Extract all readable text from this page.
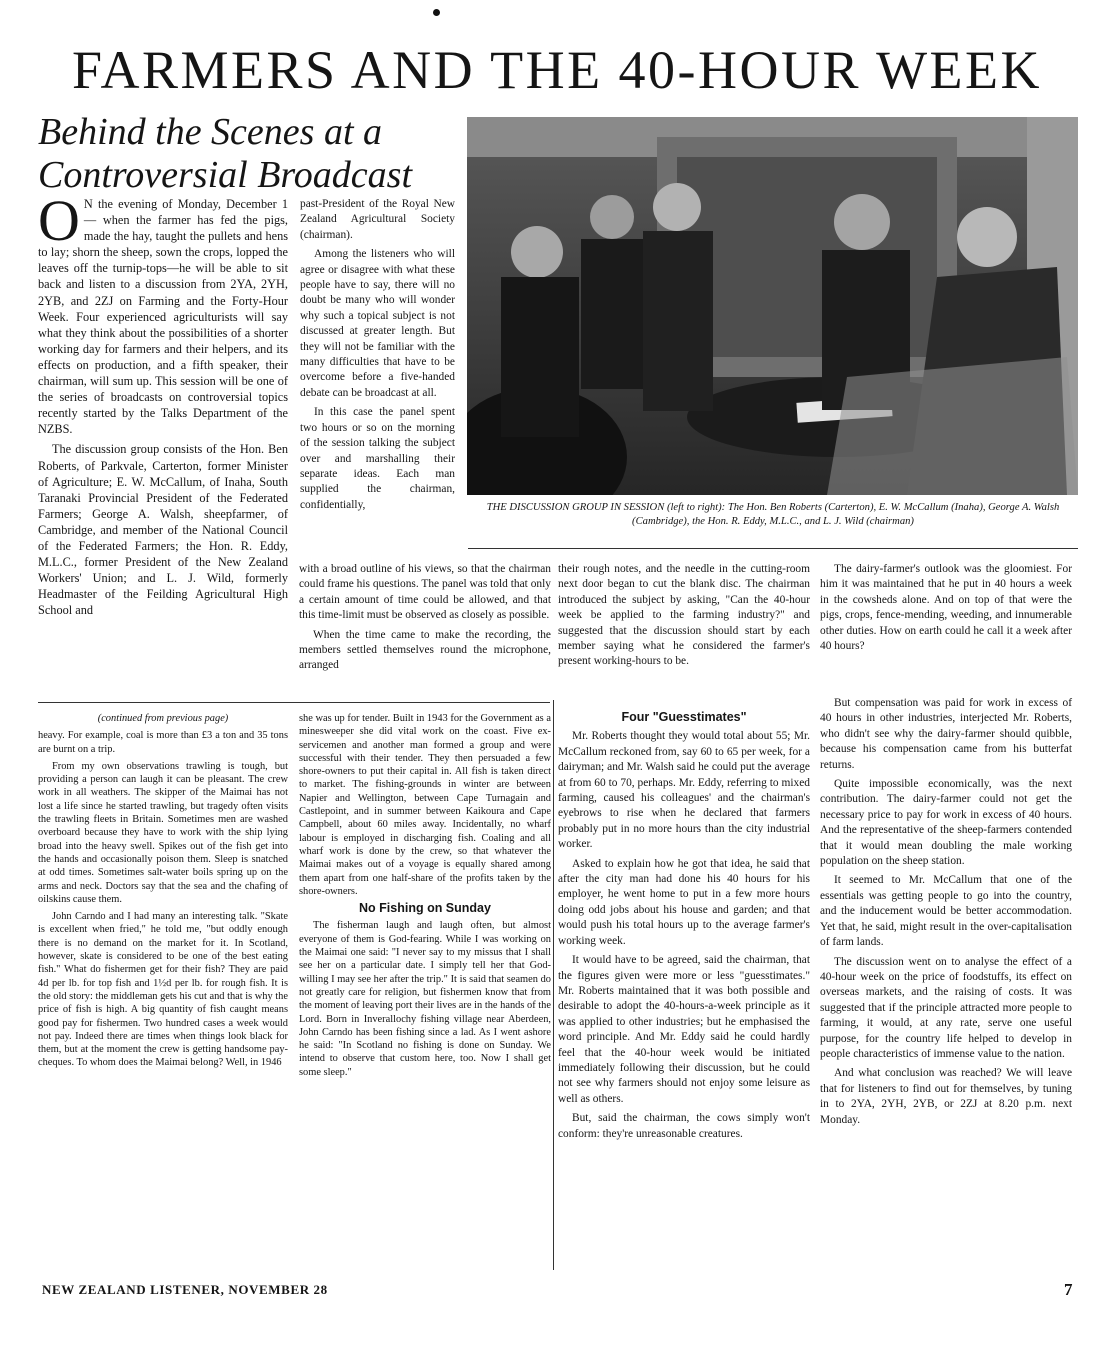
FARMERS AND THE 40-HOUR WEEK
Behind the Scenes at a Controversial Broadcast

O N the evening of Monday, December 1 — when the farmer has fed the pigs, made the hay, taught the pullets and hens to lay; shorn the sheep, sown the crops, lopped the leaves off the turnip-tops—he will be able to sit back and listen to a discussion from 2YA, 2YH, 2YB, and 2ZJ on Farming and the Forty-Hour Week. Four experienced agriculturists will say what they think about the possibilities of a shorter working day for farmers and their helpers, and its effects on production, and a fifth speaker, their chairman, will sum up. This session will be one of the series of broadcasts on controversial topics recently started by the Talks Department of the NZBS.

The discussion group consists of the Hon. Ben Roberts, of Parkvale, Carterton, former Minister of Agriculture; E. W. McCallum, of Inaha, South Taranaki Provincial President of the Federated Farmers; George A. Walsh, sheepfarmer, of Cambridge, and member of the National Council of the Federated Farmers; the Hon. R. Eddy, M.L.C., former President of the New Zealand Workers' Union; and L. J. Wild, formerly Headmaster of the Feilding Agricultural High School and

past-President of the Royal New Zealand Agricultural Society (chairman).

Among the listeners who will agree or disagree with what these people have to say, there will no doubt be many who will wonder why such a topical subject is not discussed at greater length. But they will not be familiar with the many difficulties that have to be overcome before a five-handed debate can be broadcast at all.

In this case the panel spent two hours or so on the morning of the session talking the subject over and marshalling their separate ideas. Each man supplied the chairman, confidentially,

with a broad outline of his views, so that the chairman could frame his questions. The panel was told that only a certain amount of time could be allowed, and that this time-limit must be observed as closely as possible.

When the time came to make the recording, the members settled themselves round the microphone, arranged

THE DISCUSSION GROUP IN SESSION (left to right): The Hon. Ben Roberts (Carterton), E. W. McCallum (Inaha), George A. Walsh (Cambridge), the Hon. R. Eddy, M.L.C., and L. J. Wild (chairman)

their rough notes, and the needle in the cutting-room next door began to cut the blank disc. The chairman introduced the subject by asking, "Can the 40-hour week be applied to the farming industry?" and suggested that the discussion should start by each member saying what he considered the farmer's present working-hours to be.

The dairy-farmer's outlook was the gloomiest. For him it was maintained that he put in 40 hours a week in the cowsheds alone. And on top of that were the pigs, crops, fence-mending, weeding, and innumerable other duties. How on earth could he call it a week after 40 hours?

(continued from previous page)

heavy. For example, coal is more than £3 a ton and 35 tons are burnt on a trip.

From my own observations trawling is tough, but providing a person can laugh it can be pleasant. The crew work in all weathers. The skipper of the Maimai has not lost a life since he started trawling, but tragedy often visits the trawling fleets in Britain. Sometimes men are washed overboard because they have to work with the ship lying broad into the heavy swell. Spikes out of the fish get into the hands and occasionally poison them. Sleep is snatched at odd times. Sometimes salt-water boils spring up on the arms and neck. Doctors say that the sea and the chafing of oilskins cause them.

John Carndo and I had many an interesting talk. "Skate is excellent when fried," he told me, "but oddly enough there is no demand on the market for it. In Scotland, however, skate is considered to be one of the best eating fish." What do fishermen get for their fish? They are paid 4d per lb. for top fish and 1½d per lb. for rough fish. It is the old story: the middleman gets his cut and that is why the price of fish is high. A big quantity of fish caught means good pay for fishermen. Two hundred cases a week would not pay. Indeed there are times when things look black for them, but at the moment the crew is getting handsome pay-cheques. To whom does the Maimai belong? Well, in 1946

she was up for tender. Built in 1943 for the Government as a minesweeper she did vital work on the coast. Five ex-servicemen and another man formed a group and were successful with their tender. They then persuaded a few shore-owners to put their capital in. All fish is taken direct to market. The fishing-grounds in winter are between Napier and Wellington, between Cape Turnagain and Castlepoint, and in summer between Kaikoura and Cape Campbell, about 60 miles away. Incidentally, no wharf labour is employed in discharging fish. Coaling and all wharf work is done by the crew, so that whatever the Maimai makes out of a voyage is equally shared among them apart from one half-share of the profits taken by the shore-owners.

No Fishing on Sunday

The fisherman laugh and laugh often, but almost everyone of them is God-fearing. While I was working on the Maimai one said: "I never say to my missus that I shall see her on a particular date. I simply tell her that God-willing I may see her after the trip." It is said that seamen do not greatly care for religion, but fishermen know that from the moment of leaving port their lives are in the hands of the Lord. Born in Inverallochy fishing village near Aberdeen, John Carndo has been fishing since a lad. As I went ashore he said: "In Scotland no fishing is done on Sunday. We intend to observe that custom here, too. Now I shall get some sleep."

Four "Guesstimates"

Mr. Roberts thought they would total about 55; Mr. McCallum reckoned from, say 60 to 65 per week, for a dairyman; and Mr. Walsh said he could put the average at from 60 to 70, perhaps. Mr. Eddy, referring to mixed farming, caused his colleagues' and the chairman's eyebrows to rise when he declared that farmers probably put in no more hours than the city industrial worker.

Asked to explain how he got that idea, he said that after the city man had done his 40 hours for his employer, he went home to put in a few more hours doing odd jobs about his house and garden; and that would push his total hours up to the average farmer's working week.

It would have to be agreed, said the chairman, that the figures given were more or less "guesstimates." Mr. Roberts maintained that it was both possible and desirable to adopt the 40-hours-a-week principle as it was applied to other industries; but he emphasised the word principle. And Mr. Eddy said he could hardly feel that the 40-hour week would be initiated immediately following their discussion, but he could not see why farmers should not enjoy some leisure as well as others.

But, said the chairman, the cows simply won't conform: they're unreasonable creatures.

But compensation was paid for work in excess of 40 hours in other industries, interjected Mr. Roberts, who didn't see why the dairy-farmer should quibble, because his compensation came from his butterfat returns.

Quite impossible economically, was the next contribution. The dairy-farmer could not get the necessary price to pay for work in excess of 40 hours. And the representative of the sheep-farmers contended that it would mean doubling the male working population on the sheep station.

It seemed to Mr. McCallum that one of the essentials was getting people to go into the country, and the inducement would be better accommodation. Yet that, he said, might result in the over-capitalisation of farm lands.

The discussion went on to analyse the effect of a 40-hour week on the price of foodstuffs, its effect on overseas markets, and the raising of costs. It was suggested that if the principle attracted more people to farming, it would, at any rate, serve one useful purpose, for the country life helped to develop in people characteristics of immense value to the nation.

And what conclusion was reached? We will leave that for listeners to find out for themselves, by tuning in to 2YA, 2YH, 2YB, or 2ZJ at 8.20 p.m. next Monday.

NEW ZEALAND LISTENER, NOVEMBER 28	7
